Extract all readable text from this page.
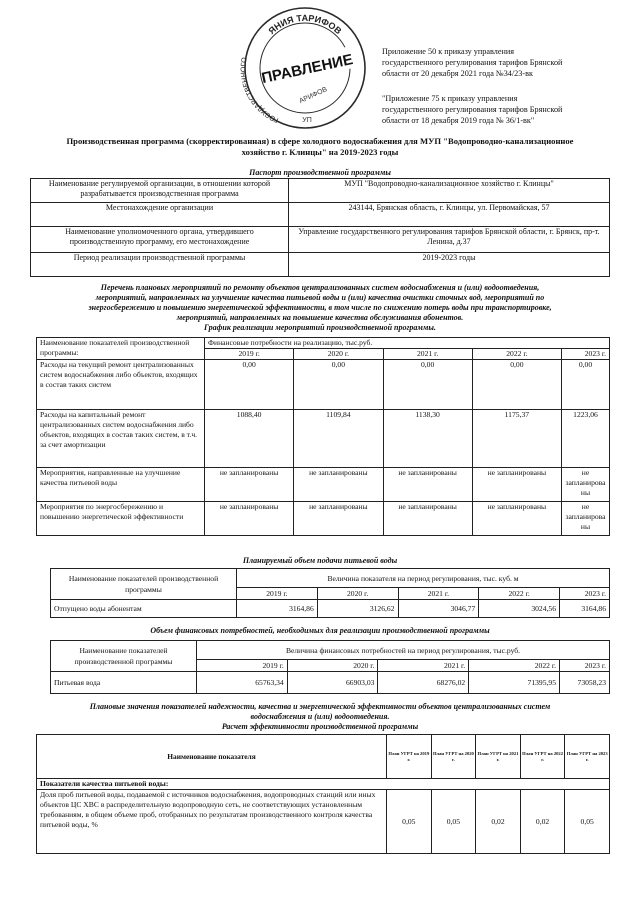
ЯНИЯ ТАРИФОВ
ГОСУДАРСТВЕННОГО ПРАВЛЕНИЕ
АРИФОВ
УП
Приложение 50 к приказу управления
государственного регулирования тарифов Брянской
области от 20 декабря 2021 года №34/23-вк
"Приложение 75 к приказу управления
государственного регулирования тарифов Брянской
области от 18 декабря 2019 года № 36/1-вк"
Производственная программа (скорректированная) в сфере холодного водоснабжения для МУП "Водопроводно-канализационное
хозяйство г. Клинцы" на 2019-2023 годы
Паспорт производственной программы
Наименование регулируемой организации, в отношении которой разрабатывается производственная программа	МУП "Водопроводно-канализационное хозяйство г. Клинцы"
Местонахождение организации	243144, Брянская область, г. Клинцы, ул. Первомайская, 57
Наименование уполномоченного органа, утвердившего производственную программу, его местонахождение	Управление государственного регулирования тарифов Брянской области, г. Брянск, пр-т. Ленина, д.37
Период реализации производственной программы	2019-2023 годы
Перечень плановых мероприятий по ремонту объектов централизованных систем водоснабжения и (или) водоотведения,
мероприятий, направленных на улучшение качества питьевой воды и (или) качества очистки сточных вод, мероприятий по
энергосбережению и повышению энергетической эффективности, в том числе по снижению потерь воды при транспортировке,
мероприятий, направленных на повышение качества обслуживания абонентов.
График реализации мероприятий производственной программы.
Наименование показателей производственной программы:	Финансовые потребности на реализацию, тыс.руб.				
	2019 г.	2020 г.	2021 г.	2022 г.	2023 г.
Расходы на текущий ремонт централизованных систем водоснабжения либо объектов, входящих в состав таких систем	0,00	0,00	0,00	0,00	0,00
Расходы на капитальный ремонт централизованных систем водоснабжения либо объектов, входящих в состав таких систем, в т.ч. за счет амортизации	1088,40	1109,84	1138,30	1175,37	1223,06
Мероприятия, направленные на улучшение качества питьевой воды	не запланированы	не запланированы	не запланированы	не запланированы	не запланирова ны
Мероприятия по энергосбережению и повышению энергетической эффективности	не запланированы	не запланированы	не запланированы	не запланированы	не запланирова ны
Планируемый объем подачи питьевой воды
Наименование показателей производственной программы	Величина показателя на период регулирования, тыс. куб. м				
	2019 г.	2020 г.	2021 г.	2022 г.	2023 г.
Отпущено воды абонентам	3164,86	3126,62	3046,77	3024,56	3164,86
Объем финансовых потребностей, необходимых для реализации производственной программы
Наименование показателей производственной программы	Величина финансовых потребностей на период регулирования, тыс.руб.				
	2019 г.	2020 г.	2021 г.	2022 г.	2023 г.
Питьевая вода	65763,34	66903,03	68276,02	71395,95	73058,23
Плановые значения показателей надежности, качества и энергетической эффективности объектов централизованных систем
водоснабжения и (или) водоотведения.
Расчет эффективности производственной программы
Наименование показателя	План УГРТ на 2019 г.	План УГРТ на 2020 г.	План УГРТ на 2021 г.	План УГРТ на 2022 г.	План УГРТ на 2023 г.
Показатели качества питьевой воды:					
Доля проб питьевой воды, подаваемой с источников водоснабжения, водопроводных станций или иных объектов ЦС ХВС в распределительную водопроводную сеть, не соответствующих установленным требованиям, в общем объеме проб, отобранных по результатам производственного контроля качества питьевой воды, %	0,05	0,05	0,02	0,02	0,05
